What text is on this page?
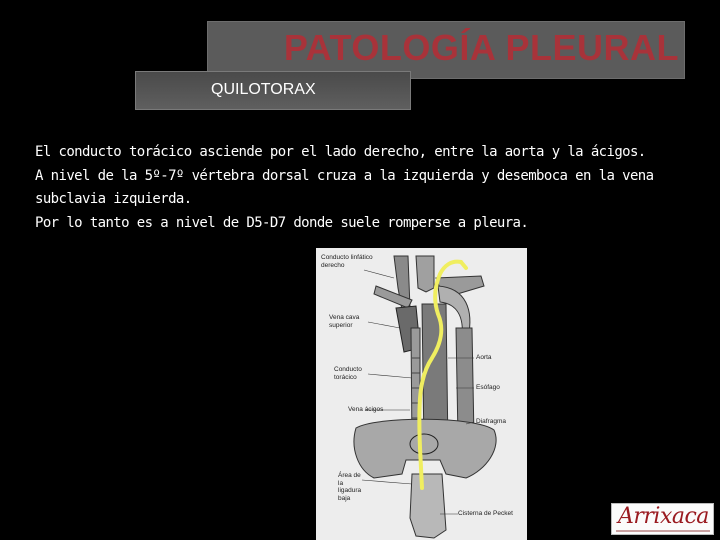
PATOLOGÍA PLEURAL
QUILOTORAX

El conducto torácico asciende por el lado derecho, entre la aorta y la ácigos.

A nivel de la 5º-7º vértebra dorsal cruza a la izquierda y desemboca en la vena subclavia izquierda.

Por lo tanto es a nivel de D5-D7 donde suele romperse a pleura.

Conducto linfático derecho
Vena cava superior
Aorta
Conducto torácico
Esófago
Vena ácigos
Diafragma
Área de la ligadura baja
Cisterna de Pecket	Arrixaca
